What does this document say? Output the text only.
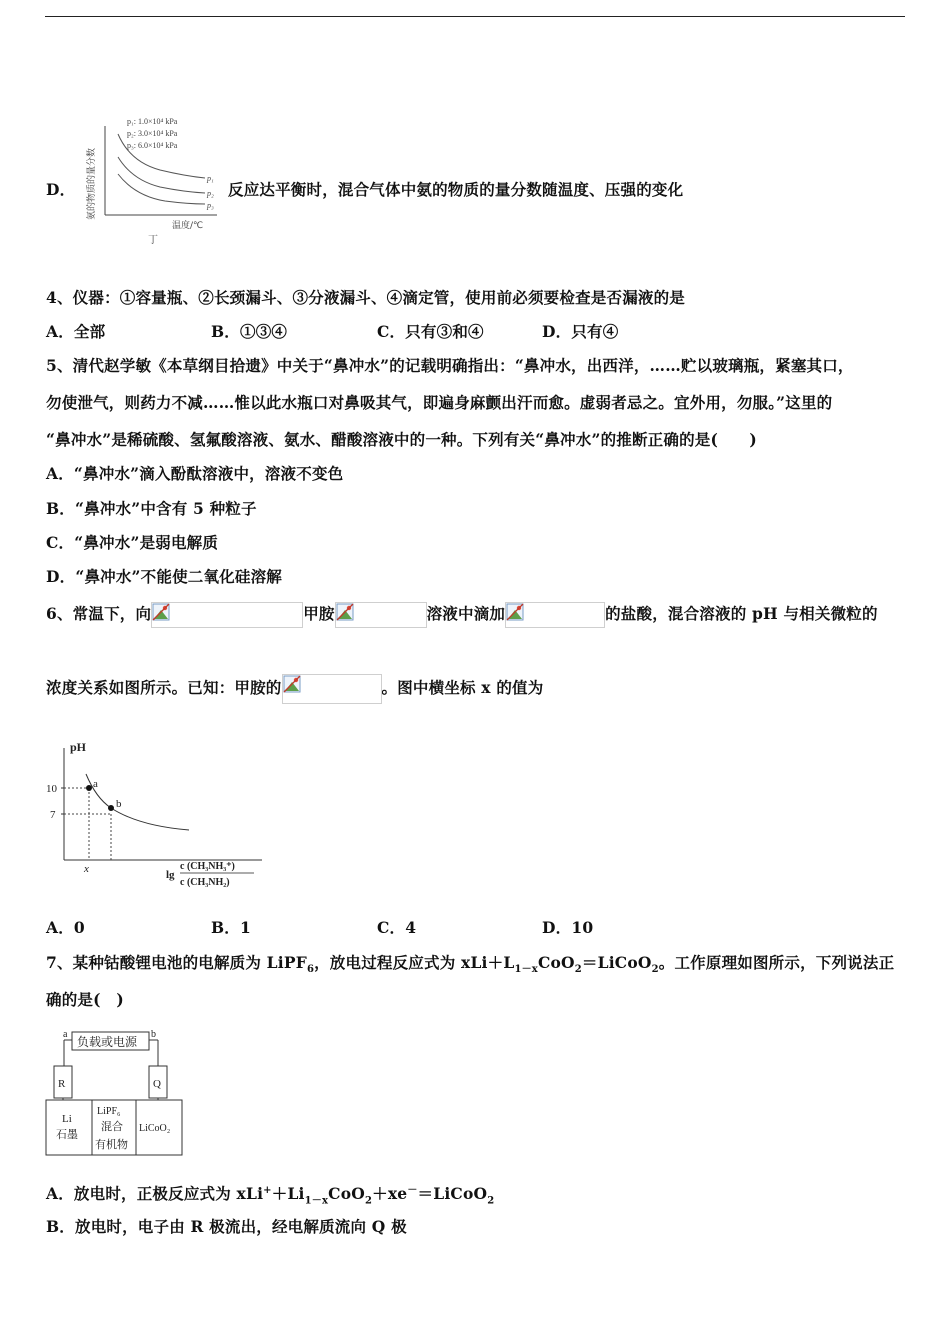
D．
p₁: 1.0×10⁴ kPa
p₂: 3.0×10⁴ kPa
p₃: 6.0×10⁴ kPa
氨的物质的量分数	p₁
p₂
p₃
温度/℃
丁
反应达平衡时，混合气体中氨的物质的量分数随温度、压强的变化
4、仪器：①容量瓶、②长颈漏斗、③分液漏斗、④滴定管，使用前必须要检查是否漏液的是
A．全部	B．①③④	C．只有③和④	D．只有④
5、清代赵学敏《本草纲目拾遗》中关于“鼻冲水”的记载明确指出：“鼻冲水，出西洋，……贮以玻璃瓶，紧塞其口，
勿使泄气，则药力不减……惟以此水瓶口对鼻吸其气，即遍身麻颤出汗而愈。虚弱者忌之。宜外用，勿服。”这里的
“鼻冲水”是稀硫酸、氢氟酸溶液、氨水、醋酸溶液中的一种。下列有关“鼻冲水”的推断正确的是(　　)
A．“鼻冲水”滴入酚酞溶液中，溶液不变色
B．“鼻冲水”中含有 5 种粒子
C．“鼻冲水”是弱电解质
D．“鼻冲水”不能使二氧化硅溶解
6、常温下，向	甲胺	溶液中滴加	的盐酸，混合溶液的 pH 与相关微粒的
浓度关系如图所示。已知：甲胺的	。图中横坐标 x 的值为
pH
10
7
a
b
x	lg
c (CH₃NH₃⁺)
c (CH₃NH₂)
A．0	B．1	C．4	D．10
7、某种钴酸锂电池的电解质为 LiPF$_6$，放电过程反应式为 $xLi+L_{1-x}CoO_2=LiCoO_2$。工作原理如图所示，下列说法正
确的是(　)
a	b
负载或电源
R	Q
Li
石墨
LiPF₆
混合
有机物
LiCoO₂
A．放电时，正极反应式为 $xLi^++Li_{1-x}CoO_2+xe^-=LiCoO_2$
B．放电时，电子由 R 极流出，经电解质流向 Q 极
